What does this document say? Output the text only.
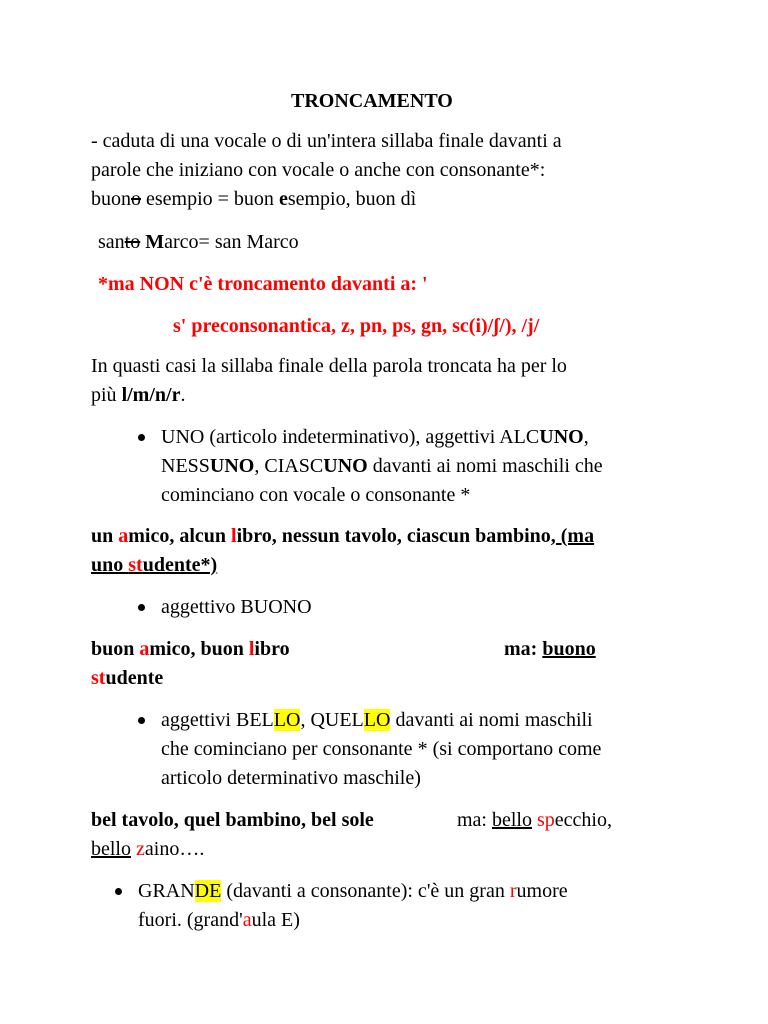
TRONCAMENTO
- caduta di una vocale o di un'intera sillaba finale davanti a
parole che iniziano con vocale o anche con consonante*:
buono esempio = buon esempio, buon dì
santo Marco= san Marco
*ma NON c'è troncamento davanti a: '
s' preconsonantica, z, pn, ps, gn, sc(i)/ʃ/), /j/
In quasti casi la sillaba finale della parola troncata ha per lo
più l/m/n/r.
UNO (articolo indeterminativo), aggettivi ALCUNO,
NESSUNO, CIASCUNO davanti ai nomi maschili che
cominciano con vocale o consonante *
un amico, alcun libro, nessun tavolo, ciascun bambino, (ma
uno studente*)
aggettivo BUONO
buon amico, buon libro	ma: buono
studente
aggettivi BELLO, QUELLO davanti ai nomi maschili
che cominciano per consonante * (si comportano come
articolo determinativo maschile)
bel tavolo, quel bambino, bel sole	ma: bello specchio,
bello zaino….
GRANDE (davanti a consonante): c'è un gran rumore
fuori. (grand'aula E)
